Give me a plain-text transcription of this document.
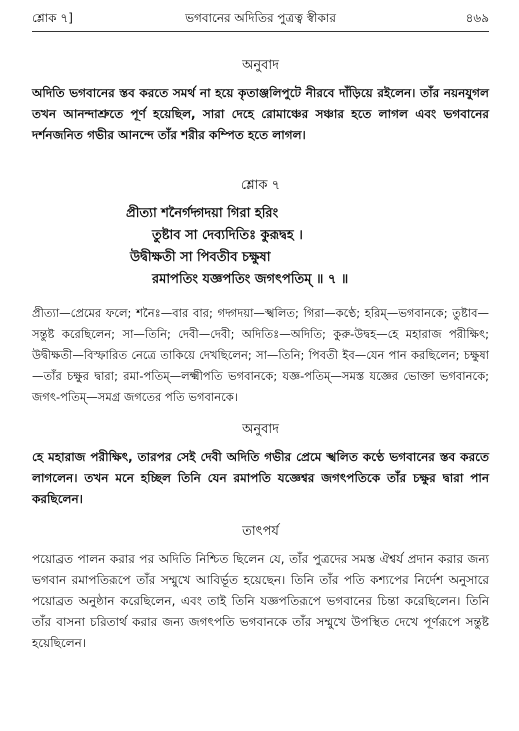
শ্লোক ৭]	ভগবানের অদিতির পুত্রত্ব স্বীকার	৪৬৯
অনুবাদ

অদিতি ভগবানের স্তব করতে সমর্থ না হয়ে কৃতাঞ্জলিপুটে নীরবে দাঁড়িয়ে রইলেন। তাঁর নয়নযুগল তখন আনন্দাশ্রুতে পূর্ণ হয়েছিল, সারা দেহে রোমাঞ্চের সঞ্চার হতে লাগল এবং ভগবানের দর্শনজনিত গভীর আনন্দে তাঁর শরীর কম্পিত হতে লাগল।

শ্লোক ৭

প্রীত্যা শনৈর্গদ্গদয়া গিরা হরিং

তুষ্টাব সা দেব্যদিতিঃ কুরূদ্বহ ।

উদ্বীক্ষতী সা পিবতীব চক্ষুষা

রমাপতিং যজ্ঞপতিং জগৎপতিম্ ॥ ৭ ॥

প্রীত্যা—প্রেমের ফলে; শনৈঃ—বার বার; গদ্গদয়া—স্খলিত; গিরা—কণ্ঠে; হরিম্—ভগবানকে; তুষ্টাব—সন্তুষ্ট করেছিলেন; সা—তিনি; দেবী—দেবী; অদিতিঃ—অদিতি; কুরু-উদ্বহ—হে মহারাজ পরীক্ষিৎ; উদ্বীক্ষতী—বিস্ফারিত নেত্রে তাকিয়ে দেখছিলেন; সা—তিনি; পিবতী ইব—যেন পান করছিলেন; চক্ষুষা—তাঁর চক্ষুর দ্বারা; রমা-পতিম্—লক্ষ্মীপতি ভগবানকে; যজ্ঞ-পতিম্—সমস্ত যজ্ঞের ভোক্তা ভগবানকে; জগৎ-পতিম্—সমগ্র জগতের পতি ভগবানকে।

অনুবাদ

হে মহারাজ পরীক্ষিৎ, তারপর সেই দেবী অদিতি গভীর প্রেমে স্খলিত কণ্ঠে ভগবানের স্তব করতে লাগলেন। তখন মনে হচ্ছিল তিনি যেন রমাপতি যজ্ঞেশ্বর জগৎপতিকে তাঁর চক্ষুর দ্বারা পান করছিলেন।

তাৎপর্য

পয়োব্রত পালন করার পর অদিতি নিশ্চিত ছিলেন যে, তাঁর পুত্রদের সমস্ত ঐশ্বর্য প্রদান করার জন্য ভগবান রমাপতিরূপে তাঁর সম্মুখে আবির্ভূত হয়েছেন। তিনি তাঁর পতি কশ্যপের নির্দেশ অনুসারে পয়োব্রত অনুষ্ঠান করেছিলেন, এবং তাই তিনি যজ্ঞপতিরূপে ভগবানের চিন্তা করেছিলেন। তিনি তাঁর বাসনা চরিতার্থ করার জন্য জগৎপতি ভগবানকে তাঁর সম্মুখে উপস্থিত দেখে পূর্ণরূপে সন্তুষ্ট হয়েছিলেন।
